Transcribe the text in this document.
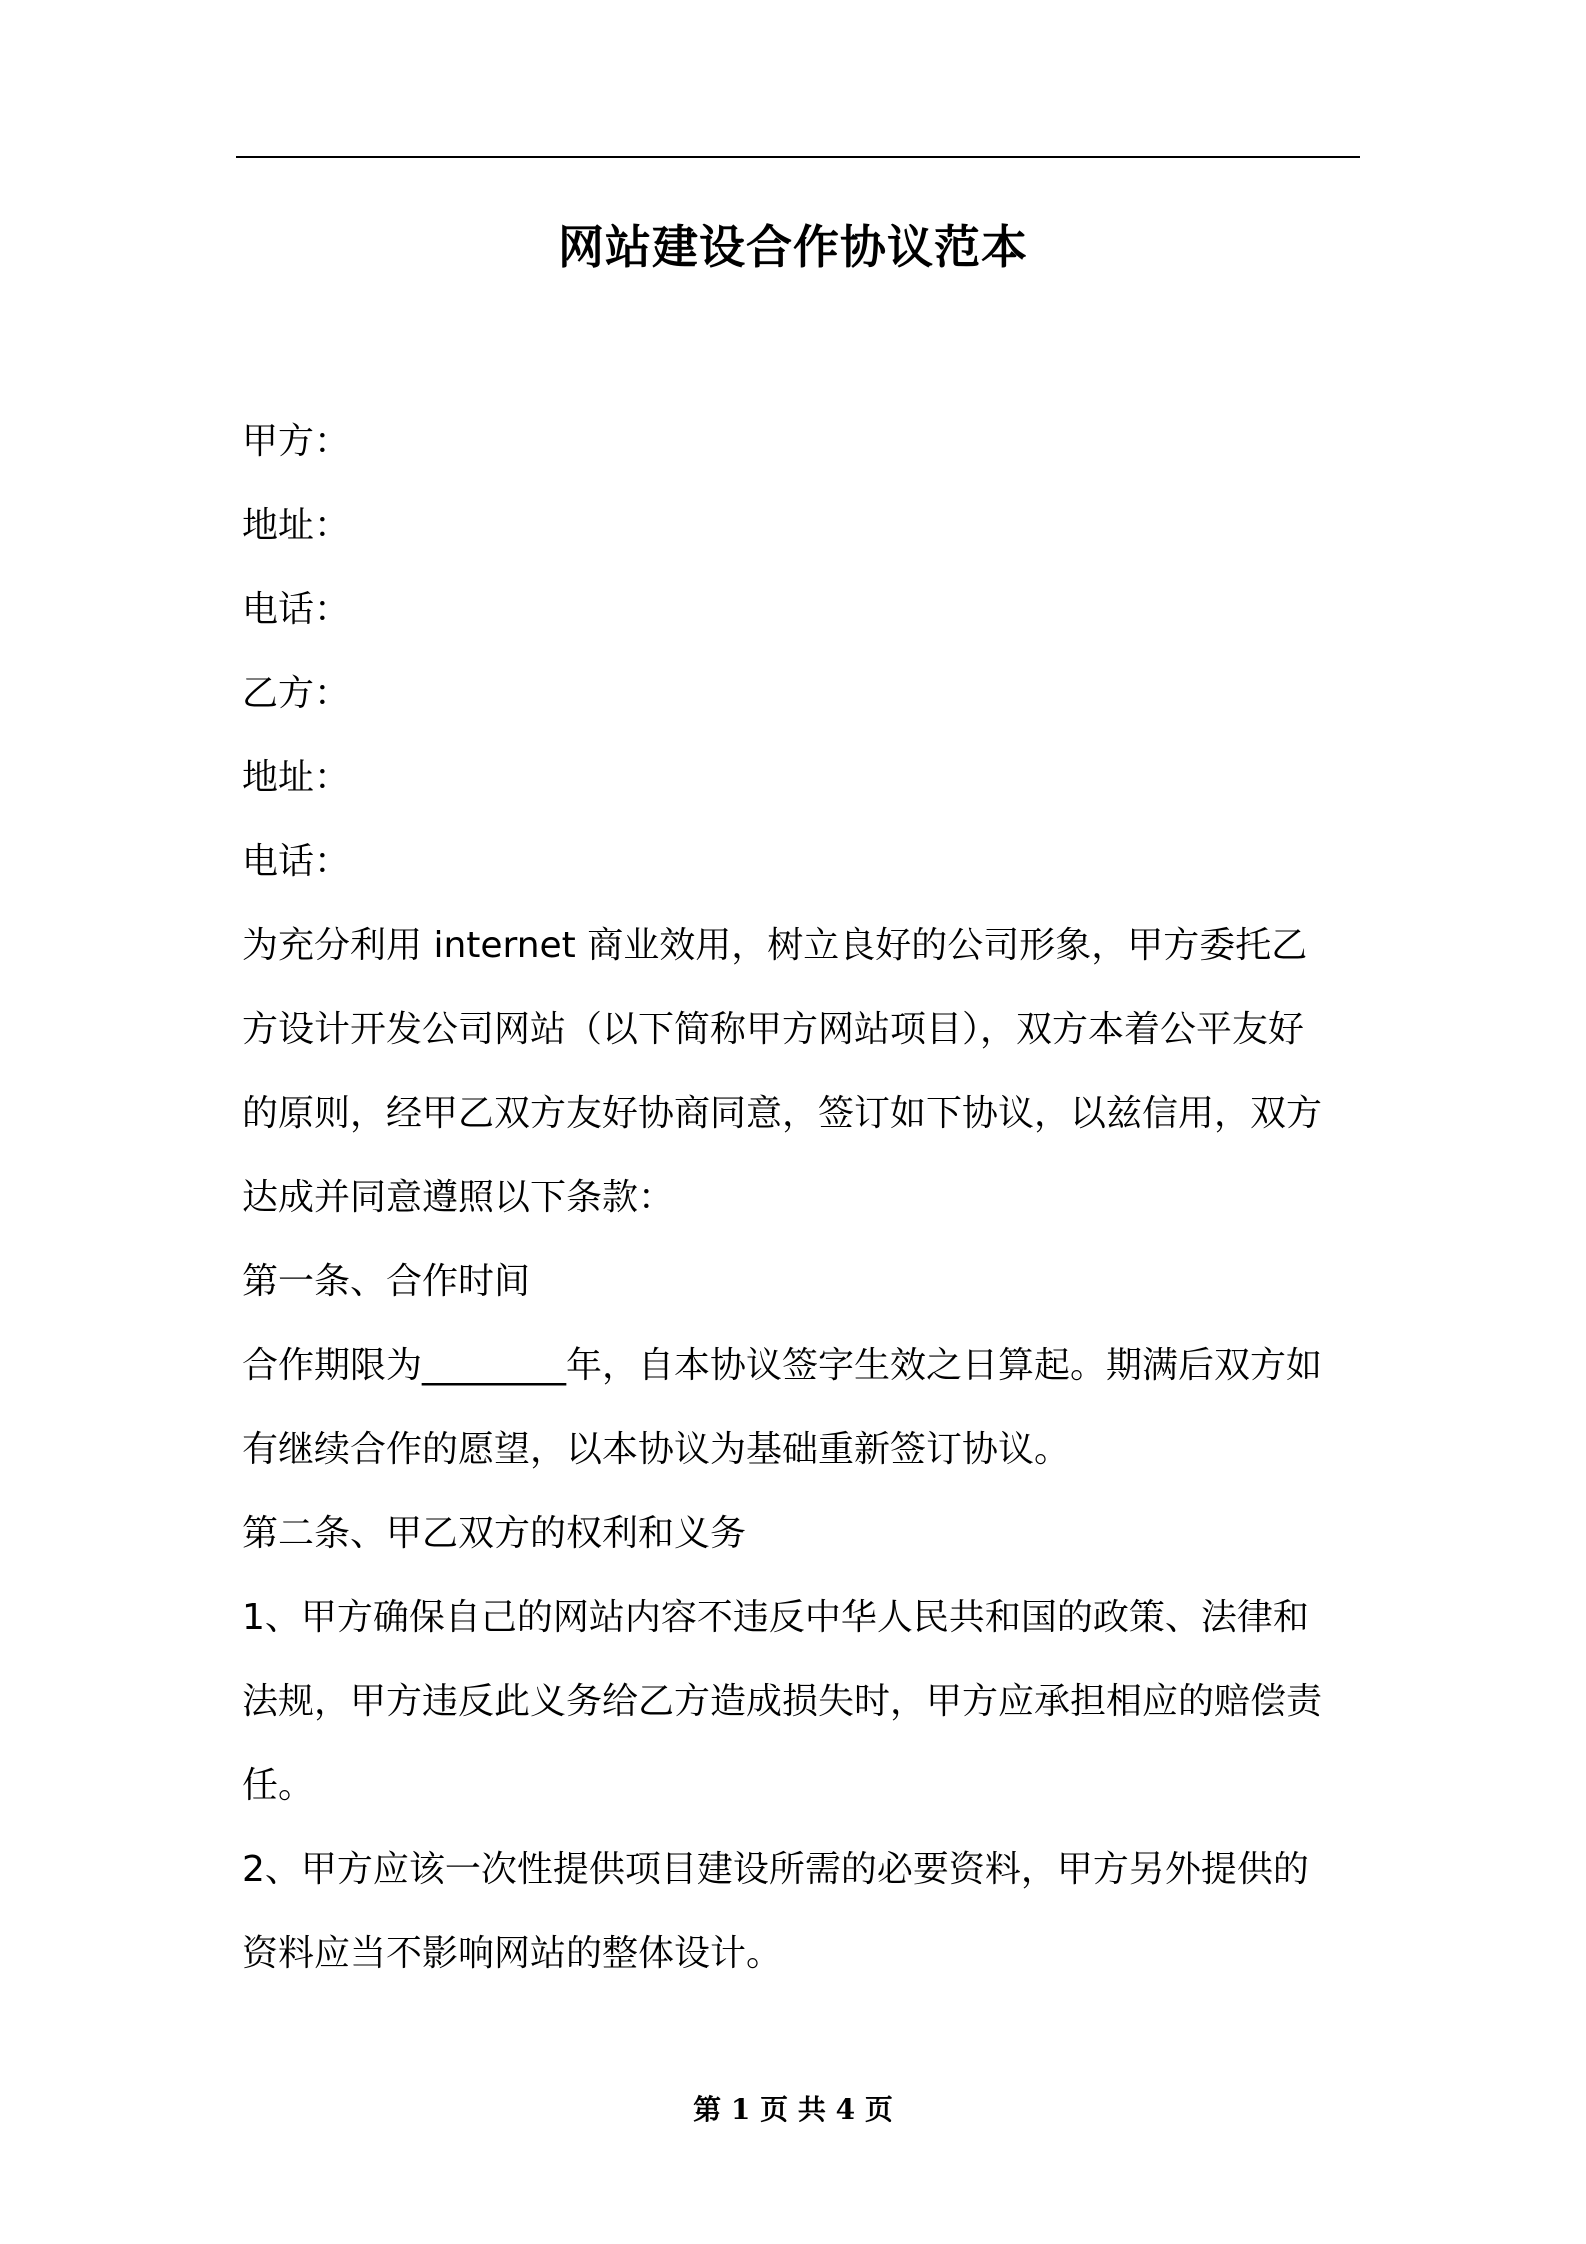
网站建设合作协议范本
甲方：
地址：
电话：
乙方：
地址：
电话：
为充分利用 internet 商业效用，树立良好的公司形象，甲方委托乙
方设计开发公司网站（以下简称甲方网站项目），双方本着公平友好
的原则，经甲乙双方友好协商同意，签订如下协议，以兹信用，双方
达成并同意遵照以下条款：
第一条、合作时间
合作期限为________年，自本协议签字生效之日算起。期满后双方如
有继续合作的愿望，以本协议为基础重新签订协议。
第二条、甲乙双方的权利和义务
1、甲方确保自己的网站内容不违反中华人民共和国的政策、法律和
法规，甲方违反此义务给乙方造成损失时，甲方应承担相应的赔偿责
任。
2、甲方应该一次性提供项目建设所需的必要资料，甲方另外提供的
资料应当不影响网站的整体设计。
第 1 页 共 4 页
